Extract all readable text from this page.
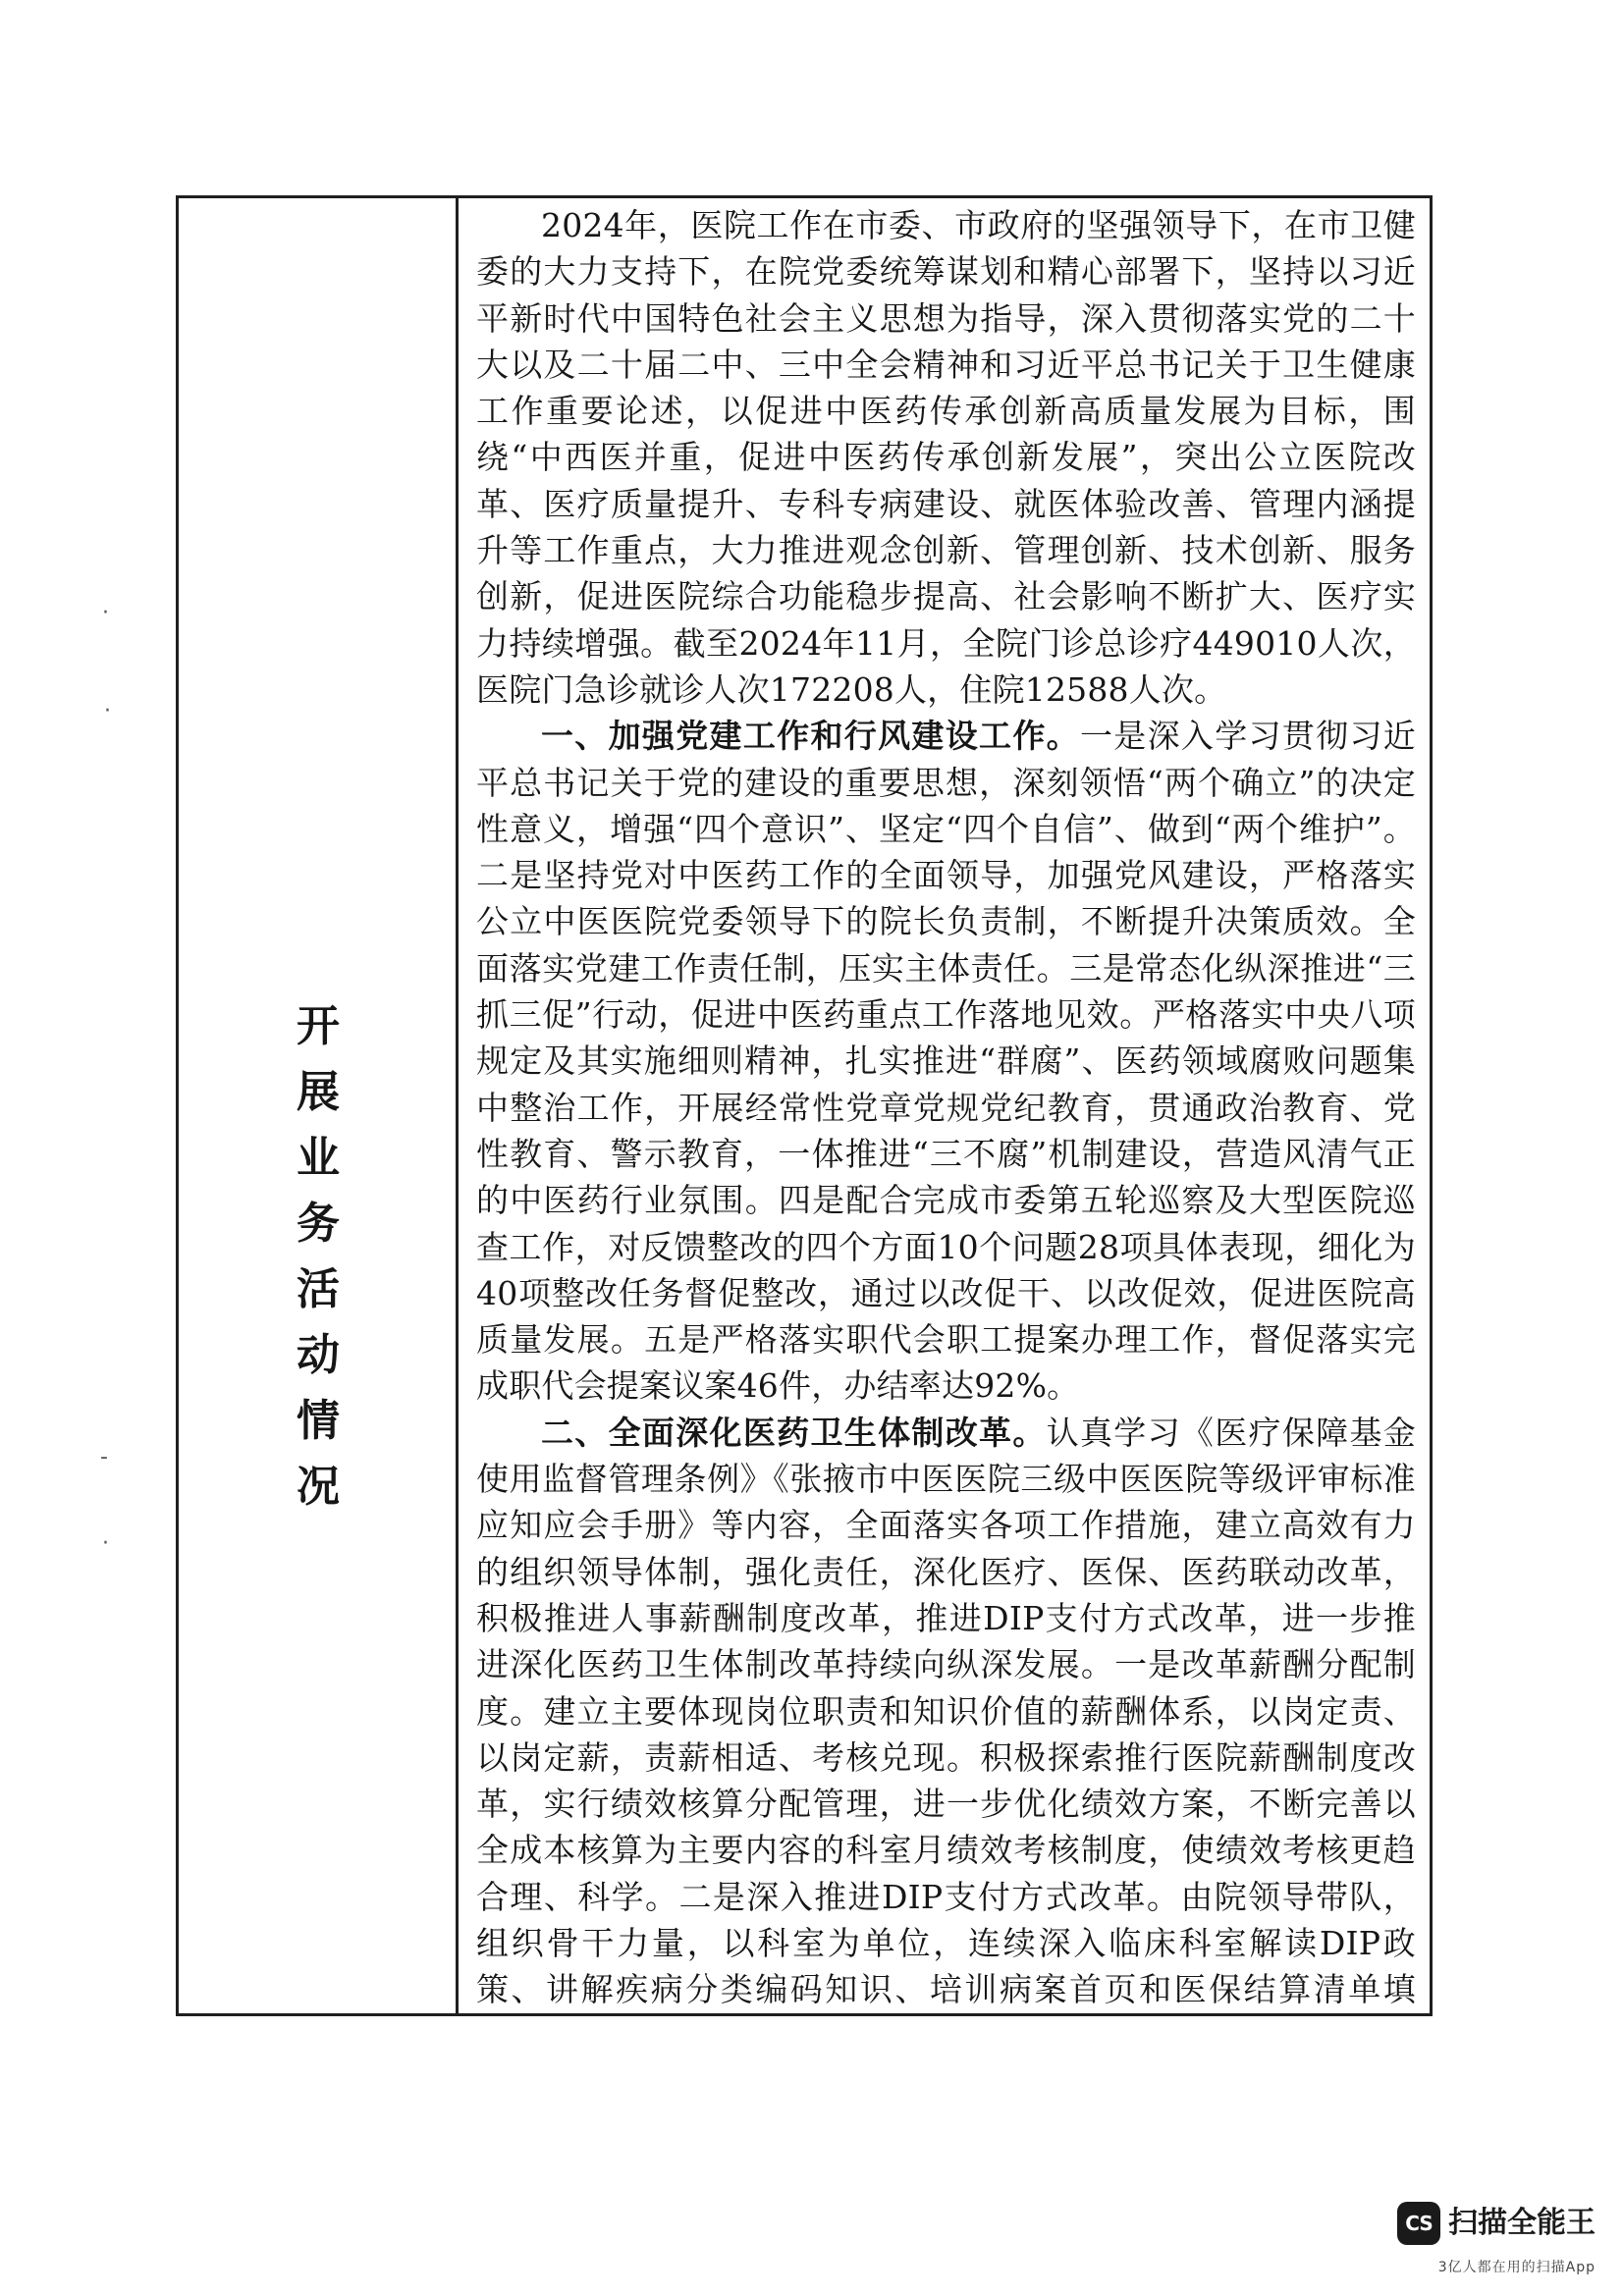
开展业务活动情况

2024年，医院工作在市委、市政府的坚强领导下，在市卫健委的大力支持下，在院党委统筹谋划和精心部署下，坚持以习近平新时代中国特色社会主义思想为指导，深入贯彻落实党的二十大以及二十届二中、三中全会精神和习近平总书记关于卫生健康工作重要论述，以促进中医药传承创新高质量发展为目标，围绕“中西医并重，促进中医药传承创新发展”，突出公立医院改革、医疗质量提升、专科专病建设、就医体验改善、管理内涵提升等工作重点，大力推进观念创新、管理创新、技术创新、服务创新，促进医院综合功能稳步提高、社会影响不断扩大、医疗实力持续增强。截至2024年11月，全院门诊总诊疗449010人次，医院门急诊就诊人次172208人，住院12588人次。

一、加强党建工作和行风建设工作。一是深入学习贯彻习近平总书记关于党的建设的重要思想，深刻领悟“两个确立”的决定性意义，增强“四个意识”、坚定“四个自信”、做到“两个维护”。二是坚持党对中医药工作的全面领导，加强党风建设，严格落实公立中医医院党委领导下的院长负责制，不断提升决策质效。全面落实党建工作责任制，压实主体责任。三是常态化纵深推进“三抓三促”行动，促进中医药重点工作落地见效。严格落实中央八项规定及其实施细则精神，扎实推进“群腐”、医药领域腐败问题集中整治工作，开展经常性党章党规党纪教育，贯通政治教育、党性教育、警示教育，一体推进“三不腐”机制建设，营造风清气正的中医药行业氛围。四是配合完成市委第五轮巡察及大型医院巡查工作，对反馈整改的四个方面10个问题28项具体表现，细化为40项整改任务督促整改，通过以改促干、以改促效，促进医院高质量发展。五是严格落实职代会职工提案办理工作，督促落实完成职代会提案议案46件，办结率达92%。

二、全面深化医药卫生体制改革。认真学习《医疗保障基金使用监督管理条例》《张掖市中医医院三级中医医院等级评审标准应知应会手册》等内容，全面落实各项工作措施，建立高效有力的组织领导体制，强化责任，深化医疗、医保、医药联动改革，积极推进人事薪酬制度改革，推进DIP支付方式改革，进一步推进深化医药卫生体制改革持续向纵深发展。一是改革薪酬分配制度。建立主要体现岗位职责和知识价值的薪酬体系，以岗定责、以岗定薪，责薪相适、考核兑现。积极探索推行医院薪酬制度改革，实行绩效核算分配管理，进一步优化绩效方案，不断完善以全成本核算为主要内容的科室月绩效考核制度，使绩效考核更趋合理、科学。二是深入推进DIP支付方式改革。由院领导带队，组织骨干力量，以科室为单位，连续深入临床科室解读DIP政策、讲解疾病分类编码知识、培训病案首页和医保结算清单填

·
·
-
·
CS 扫描全能王
3亿人都在用的扫描App
